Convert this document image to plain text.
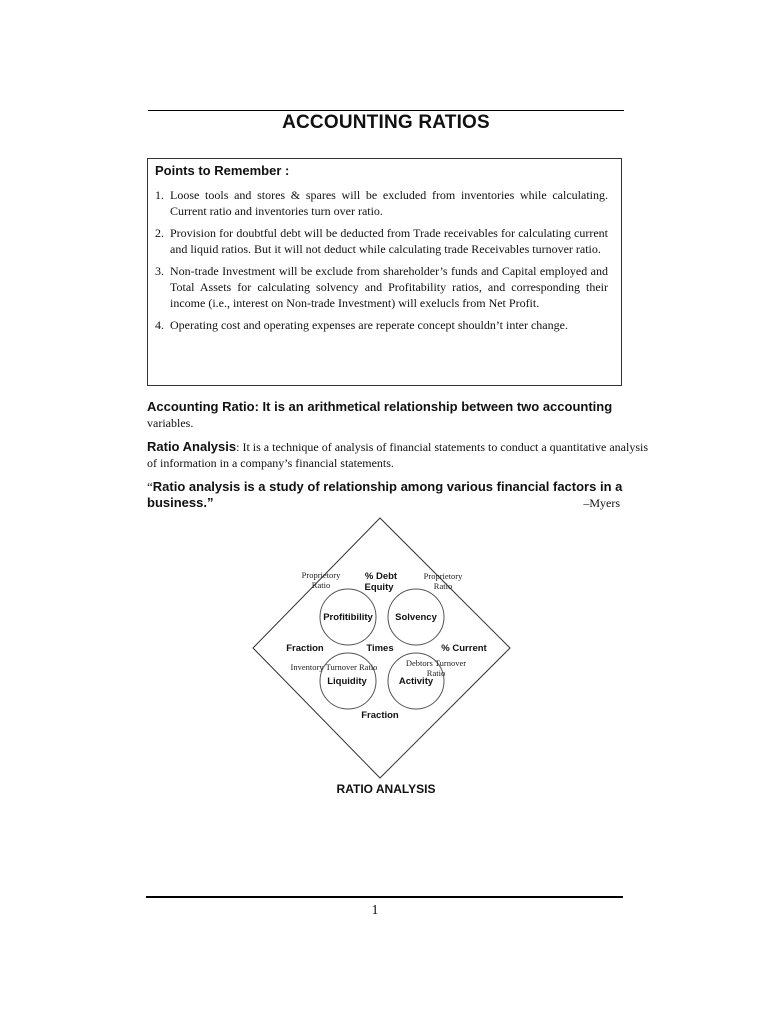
ACCOUNTING RATIOS
Points to Remember :
1. Loose tools and stores & spares will be excluded from inventories while calculating. Current ratio and inventories turn over ratio.
2. Provision for doubtful debt will be deducted from Trade receivables for calculating current and liquid ratios. But it will not deduct while calculating trade Receivables turnover ratio.
3. Non-trade Investment will be exclude from shareholder’s funds and Capital employed and Total Assets for calculating solvency and Profitability ratios, and corresponding their income (i.e., interest on Non-trade Investment) will exelucls from Net Profit.
4. Operating cost and operating expenses are reperate concept shouldn’t inter change.
Accounting Ratio: It is an arithmetical relationship between two accounting
variables.
Ratio Analysis: It is a technique of analysis of financial statements to conduct a quantitative analysis of information in a company’s financial statements.
“Ratio analysis is a study of relationship among various financial factors in a business.”	–Myers
Profitibility Solvency
Liquidity	Activity
% Debt
Equity
Fraction	Times	% Current
Fraction
Proprietory
Ratio
Proprietory
Ratio
Inventory Turnover Ratio	Debtors Turnover
Ratio
RATIO ANALYSIS
1
